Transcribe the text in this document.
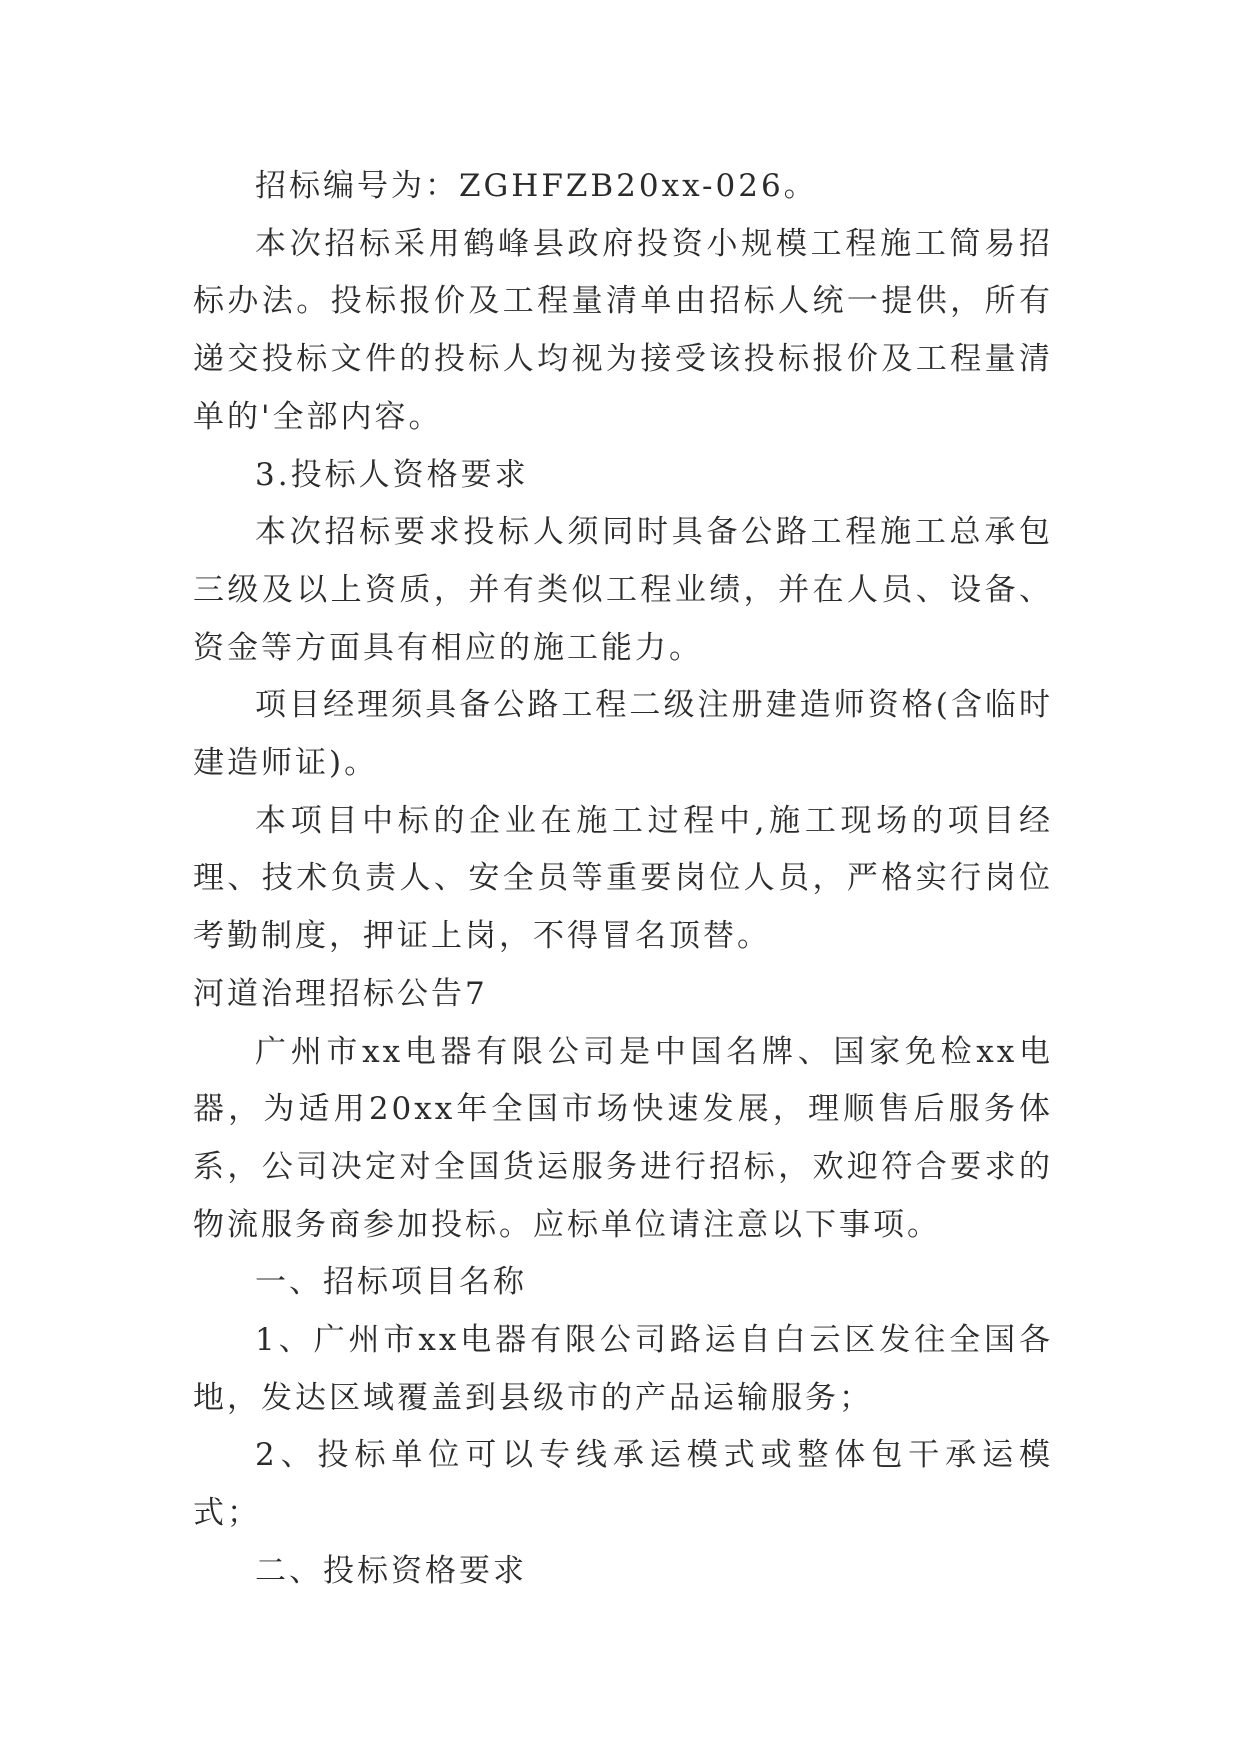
招标编号为：ZGHFZB20xx-026。

本次招标采用鹤峰县政府投资小规模工程施工简易招标办法。投标报价及工程量清单由招标人统一提供，所有递交投标文件的投标人均视为接受该投标报价及工程量清单的'全部内容。

3.投标人资格要求

本次招标要求投标人须同时具备公路工程施工总承包三级及以上资质，并有类似工程业绩，并在人员、设备、资金等方面具有相应的施工能力。

项目经理须具备公路工程二级注册建造师资格(含临时建造师证)。

本项目中标的企业在施工过程中,施工现场的项目经理、技术负责人、安全员等重要岗位人员，严格实行岗位考勤制度，押证上岗，不得冒名顶替。

河道治理招标公告7

广州市xx电器有限公司是中国名牌、国家免检xx电器，为适用20xx年全国市场快速发展，理顺售后服务体系，公司决定对全国货运服务进行招标，欢迎符合要求的物流服务商参加投标。应标单位请注意以下事项。

一、招标项目名称

1、广州市xx电器有限公司路运自白云区发往全国各地，发达区域覆盖到县级市的产品运输服务；

2、投标单位可以专线承运模式或整体包干承运模式；

二、投标资格要求
